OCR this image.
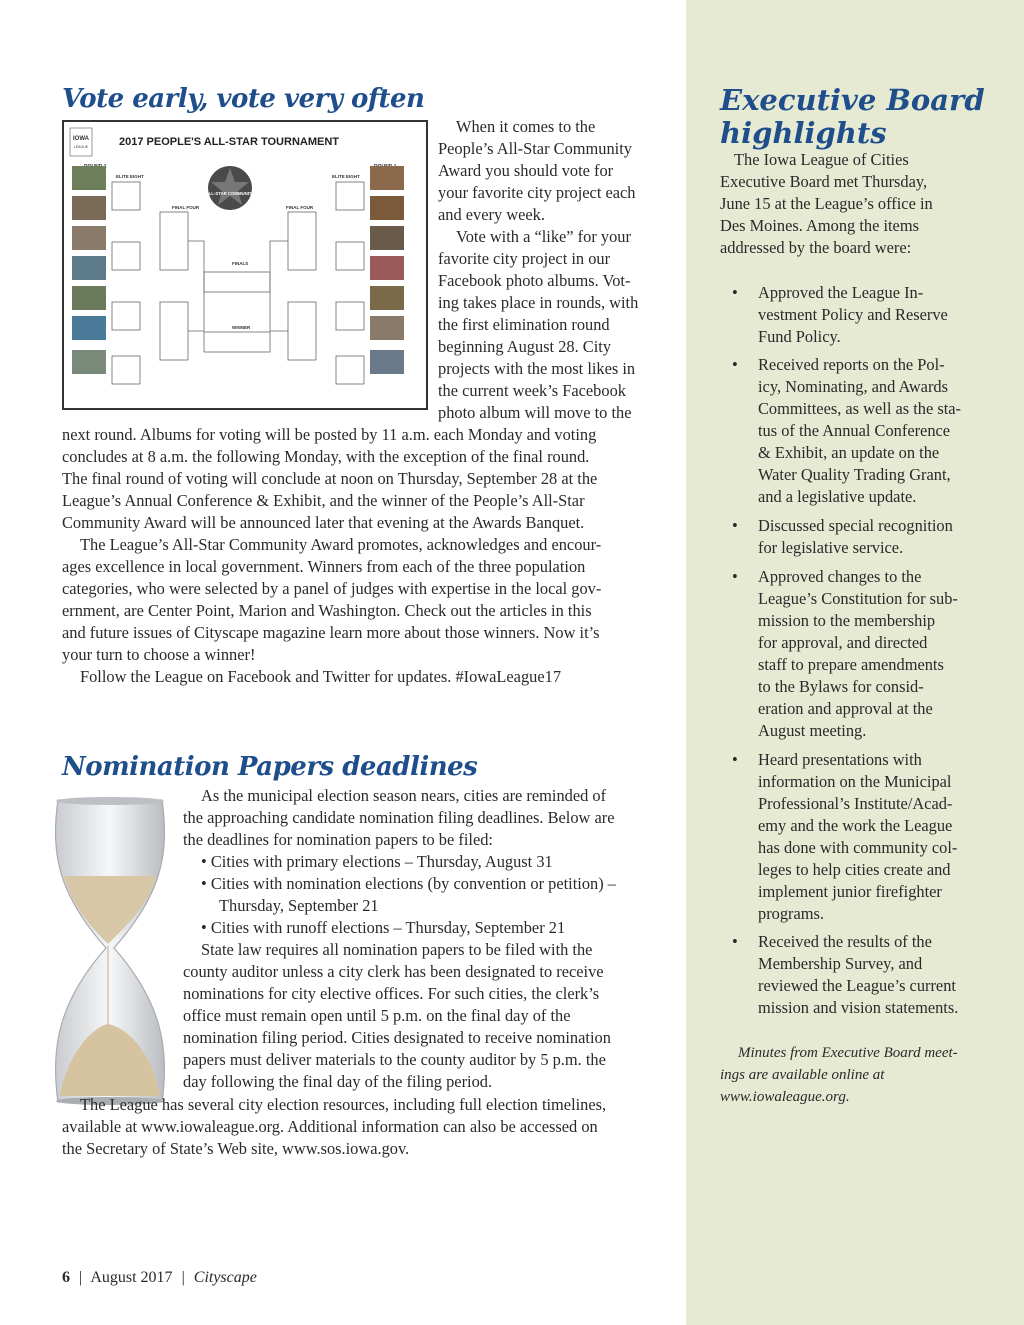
Vote early, vote very often
IOWA
LEAGUE	2017 PEOPLE'S ALL-STAR TOURNAMENT
ELITE EIGHT	ELITE EIGHT
FINAL FOUR	FINAL FOUR
ALL-STAR COMMUNITY
FINALS
WINNER
When it comes to the
People’s All-Star Community
Award you should vote for
your favorite city project each
and every week.
Vote with a “like” for your
favorite city project in our
Facebook photo albums. Vot-
ing takes place in rounds, with
the first elimination round
beginning August 28. City
projects with the most likes in
the current week’s Facebook
photo album will move to the
next round. Albums for voting will be posted by 11 a.m. each Monday and voting
concludes at 8 a.m. the following Monday, with the exception of the final round.
The final round of voting will conclude at noon on Thursday, September 28 at the
League’s Annual Conference & Exhibit, and the winner of the People’s All-Star
Community Award will be announced later that evening at the Awards Banquet.
The League’s All-Star Community Award promotes, acknowledges and encour-
ages excellence in local government. Winners from each of the three population
categories, who were selected by a panel of judges with expertise in the local gov-
ernment, are Center Point, Marion and Washington. Check out the articles in this
and future issues of Cityscape magazine learn more about those winners. Now it’s
your turn to choose a winner!
Follow the League on Facebook and Twitter for updates. #IowaLeague17
Nomination Papers deadlines
As the municipal election season nears, cities are reminded of
the approaching candidate nomination filing deadlines. Below are
the deadlines for nomination papers to be filed:
• Cities with primary elections – Thursday, August 31
• Cities with nomination elections (by convention or petition) –
Thursday, September 21
• Cities with runoff elections – Thursday, September 21
State law requires all nomination papers to be filed with the
county auditor unless a city clerk has been designated to receive
nominations for city elective offices. For such cities, the clerk’s
office must remain open until 5 p.m. on the final day of the
nomination filing period. Cities designated to receive nomination
papers must deliver materials to the county auditor by 5 p.m. the
day following the final day of the filing period.
The League has several city election resources, including full election timelines,
available at www.iowaleague.org. Additional information can also be accessed on
the Secretary of State’s Web site, www.sos.iowa.gov.
Executive Board highlights
The Iowa League of Cities
Executive Board met Thursday,
June 15 at the League’s office in
Des Moines. Among the items
addressed by the board were:
• Approved the League In-
vestment Policy and Reserve
Fund Policy.
• Received reports on the Pol-
icy, Nominating, and Awards
Committees, as well as the sta-
tus of the Annual Conference
& Exhibit, an update on the
Water Quality Trading Grant,
and a legislative update.
• Discussed special recognition
for legislative service.
• Approved changes to the
League’s Constitution for sub-
mission to the membership
for approval, and directed
staff to prepare amendments
to the Bylaws for consid-
eration and approval at the
August meeting.
• Heard presentations with
information on the Municipal
Professional’s Institute/Acad-
emy and the work the League
has done with community col-
leges to help cities create and
implement junior firefighter
programs.
• Received the results of the
Membership Survey, and
reviewed the League’s current
mission and vision statements.
Minutes from Executive Board meet-
ings are available online at
www.iowaleague.org.
6 | August 2017 | Cityscape
